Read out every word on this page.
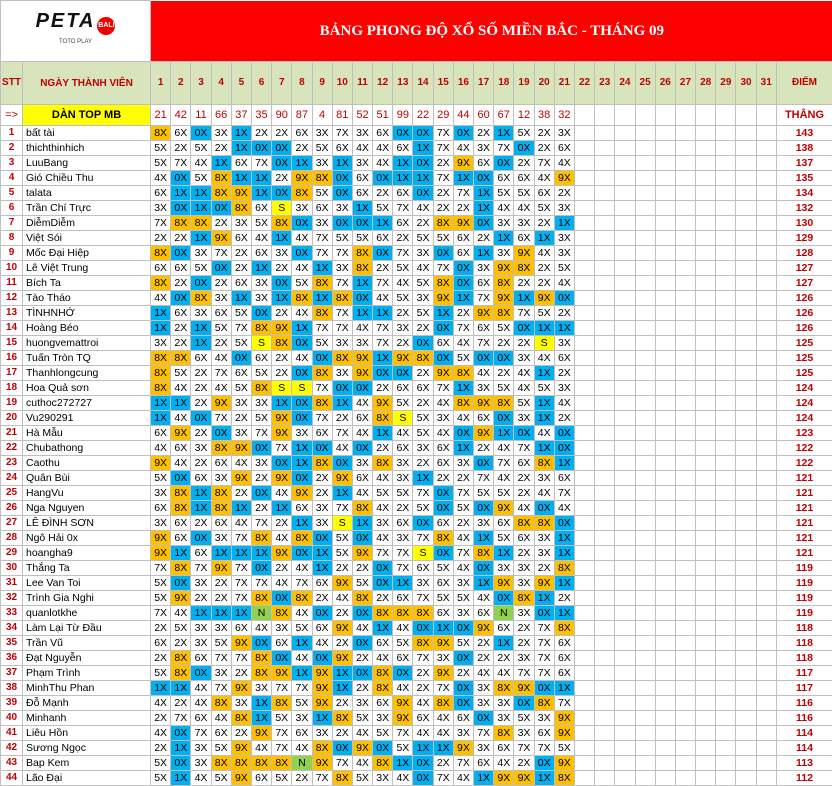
PETA BALI
TOTO PLAY		BẢNG PHONG ĐỘ XỔ SỐ MIỀN BẮC - THÁNG 09																															
STT	NGÀY THÀNH VIÊN	1	2	3	4	5	6	7	8	9	10	11	12	13	14	15	16	17	18	19	20	21	22	23	24	25	26	27	28	29	30	31	ĐIỂM
=>	DÀN TOP MB	21	42	11	66	37	35	90	87	4	81	52	51	99	22	29	44	60	67	12	38	32											THẮNG
1	bất tài	8X	6X	0X	3X	1X	2X	2X	6X	3X	7X	3X	6X	0X	0X	7X	0X	2X	1X	5X	2X	3X											143
2	thichthinhich	5X	2X	5X	2X	1X	0X	0X	2X	5X	6X	4X	4X	6X	1X	7X	4X	3X	7X	0X	2X	6X											138
3	LuuBang	5X	7X	4X	1X	6X	7X	0X	1X	3X	1X	3X	4X	1X	0X	2X	9X	6X	0X	2X	7X	4X											137
4	Gió Chiều Thu	4X	0X	5X	8X	1X	1X	2X	9X	8X	0X	6X	0X	1X	1X	7X	1X	0X	6X	6X	4X	9X											135
5	talata	6X	1X	1X	8X	9X	1X	0X	8X	5X	0X	6X	2X	6X	0X	2X	7X	1X	5X	5X	6X	2X											134
6	Trần Chí Trực	3X	0X	1X	0X	8X	6X	S	3X	6X	3X	1X	5X	7X	4X	2X	2X	1X	4X	4X	5X	3X											132
7	DiễmDiễm	7X	8X	8X	2X	3X	5X	8X	0X	3X	0X	0X	1X	6X	2X	8X	9X	0X	3X	3X	2X	1X											130
8	Việt Sói	2X	2X	1X	9X	6X	4X	1X	4X	7X	5X	5X	6X	2X	5X	5X	6X	2X	1X	6X	1X	3X											129
9	Mốc Đại Hiệp	8X	0X	3X	7X	2X	6X	3X	0X	7X	7X	8X	0X	7X	3X	0X	6X	1X	3X	9X	4X	3X											128
10	Lê Việt Trung	6X	6X	5X	0X	2X	1X	2X	4X	1X	3X	8X	2X	5X	4X	7X	0X	3X	9X	8X	2X	5X											127
11	Bích Ta	8X	2X	0X	2X	6X	3X	0X	5X	8X	7X	1X	7X	4X	5X	8X	0X	6X	8X	2X	2X	4X											127
12	Tào Tháo	4X	0X	8X	3X	1X	3X	1X	8X	1X	8X	0X	4X	5X	3X	9X	1X	7X	9X	1X	9X	0X											126
13	TÌNHNHỚ	1X	6X	3X	6X	5X	0X	2X	4X	8X	7X	1X	1X	2X	5X	1X	2X	9X	8X	7X	5X	2X											126
14	Hoàng Béo	1X	2X	1X	5X	7X	8X	9X	1X	7X	7X	4X	7X	3X	2X	0X	7X	6X	5X	0X	1X	1X											126
15	huongvemattroi	3X	2X	1X	2X	5X	S	8X	0X	5X	3X	3X	7X	2X	0X	6X	4X	7X	2X	2X	S	3X											125
16	Tuấn Tròn TQ	8X	8X	6X	4X	0X	6X	2X	4X	0X	8X	9X	1X	9X	8X	0X	5X	0X	0X	3X	4X	6X											125
17	Thanhlongcung	8X	5X	2X	7X	6X	5X	2X	0X	8X	3X	9X	0X	0X	2X	9X	8X	4X	2X	4X	1X	2X											125
18	Hoa Quả sơn	8X	4X	2X	4X	5X	8X	S	S	7X	0X	0X	2X	6X	6X	7X	1X	3X	5X	4X	5X	3X											124
19	cuthoc272727	1X	1X	2X	9X	3X	3X	1X	0X	8X	1X	4X	9X	5X	2X	4X	8X	9X	8X	5X	1X	4X											124
20	Vu290291	1X	4X	0X	7X	2X	5X	9X	0X	7X	2X	6X	8X	S	5X	3X	4X	6X	0X	3X	1X	2X											124
21	Hà Mẫu	6X	9X	2X	0X	3X	7X	9X	3X	6X	7X	4X	1X	4X	5X	4X	0X	9X	1X	0X	4X	0X											123
22	Chubathong	4X	6X	3X	8X	9X	0X	7X	1X	0X	4X	0X	2X	6X	3X	6X	1X	2X	4X	7X	1X	0X											122
23	Caothu	9X	4X	2X	6X	4X	3X	0X	1X	8X	0X	3X	8X	3X	2X	6X	3X	0X	7X	6X	8X	1X											122
24	Quân Bùi	5X	0X	6X	3X	9X	2X	9X	0X	2X	9X	6X	4X	3X	1X	2X	2X	7X	4X	2X	3X	6X											121
25	HangVu	3X	8X	1X	8X	2X	0X	4X	9X	2X	1X	4X	5X	5X	7X	0X	7X	5X	5X	2X	4X	7X											121
26	Nga Nguyen	6X	8X	1X	8X	1X	2X	1X	6X	3X	7X	8X	4X	2X	5X	0X	5X	0X	9X	4X	0X	4X											121
27	LÊ ĐÌNH SƠN	3X	6X	2X	6X	4X	7X	2X	1X	3X	S	1X	3X	6X	0X	6X	2X	3X	6X	8X	8X	0X											121
28	Ngô Hải 0x	9X	6X	0X	3X	7X	8X	4X	8X	0X	5X	0X	4X	3X	7X	8X	4X	1X	5X	6X	3X	1X											121
29	hoangha9	9X	1X	6X	1X	1X	1X	9X	0X	1X	5X	9X	7X	7X	S	0X	7X	8X	1X	2X	3X	1X											121
30	Thắng Ta	7X	8X	7X	9X	7X	0X	2X	4X	1X	2X	2X	0X	7X	6X	5X	4X	0X	3X	3X	2X	8X											119
31	Lee Van Toi	5X	0X	3X	2X	7X	7X	4X	7X	6X	9X	5X	0X	1X	3X	6X	3X	1X	9X	3X	9X	1X											119
32	Trình Gia Nghi	5X	9X	2X	2X	7X	8X	0X	8X	2X	4X	8X	2X	6X	7X	5X	5X	4X	0X	8X	1X	2X											119
33	quanlotkhe	7X	4X	1X	1X	1X	N	8X	4X	0X	2X	0X	8X	8X	8X	6X	3X	6X	N	3X	0X	1X											119
34	Làm Lại Từ Đầu	2X	5X	3X	3X	6X	4X	3X	5X	6X	9X	4X	1X	4X	0X	1X	0X	9X	6X	2X	7X	8X											118
35	Trần Vũ	6X	2X	3X	5X	9X	0X	6X	1X	4X	2X	0X	6X	5X	8X	9X	5X	2X	1X	2X	7X	6X											118
36	Đạt Nguyễn	2X	8X	6X	7X	7X	8X	0X	4X	0X	9X	2X	4X	6X	7X	3X	0X	2X	2X	3X	7X	6X											118
37	Phạm Trình	5X	8X	0X	3X	2X	8X	9X	1X	9X	1X	0X	8X	0X	2X	9X	2X	4X	4X	7X	7X	6X											117
38	MinhThu Phan	1X	1X	4X	7X	9X	3X	7X	7X	9X	1X	2X	8X	4X	2X	7X	0X	3X	8X	9X	0X	1X											117
39	Đỗ Mạnh	4X	2X	4X	8X	3X	1X	8X	5X	9X	2X	3X	6X	9X	4X	8X	0X	3X	3X	0X	8X	7X											116
40	Minhanh	2X	7X	6X	4X	8X	1X	5X	3X	1X	8X	5X	3X	9X	6X	4X	6X	0X	3X	5X	3X	9X											116
41	Liêu Hồn	4X	0X	7X	6X	2X	9X	7X	6X	3X	2X	4X	5X	7X	4X	4X	3X	7X	8X	3X	6X	9X											114
42	Sương Ngọc	2X	1X	3X	5X	9X	4X	7X	4X	8X	0X	9X	0X	5X	1X	1X	9X	3X	6X	7X	7X	5X											114
43	Bap Kem	5X	0X	3X	8X	8X	8X	8X	N	9X	7X	4X	8X	1X	0X	2X	7X	6X	4X	2X	0X	9X											113
44	Lão Đại	5X	1X	4X	5X	9X	6X	5X	2X	7X	8X	5X	3X	4X	0X	7X	4X	1X	9X	9X	1X	8X											112
